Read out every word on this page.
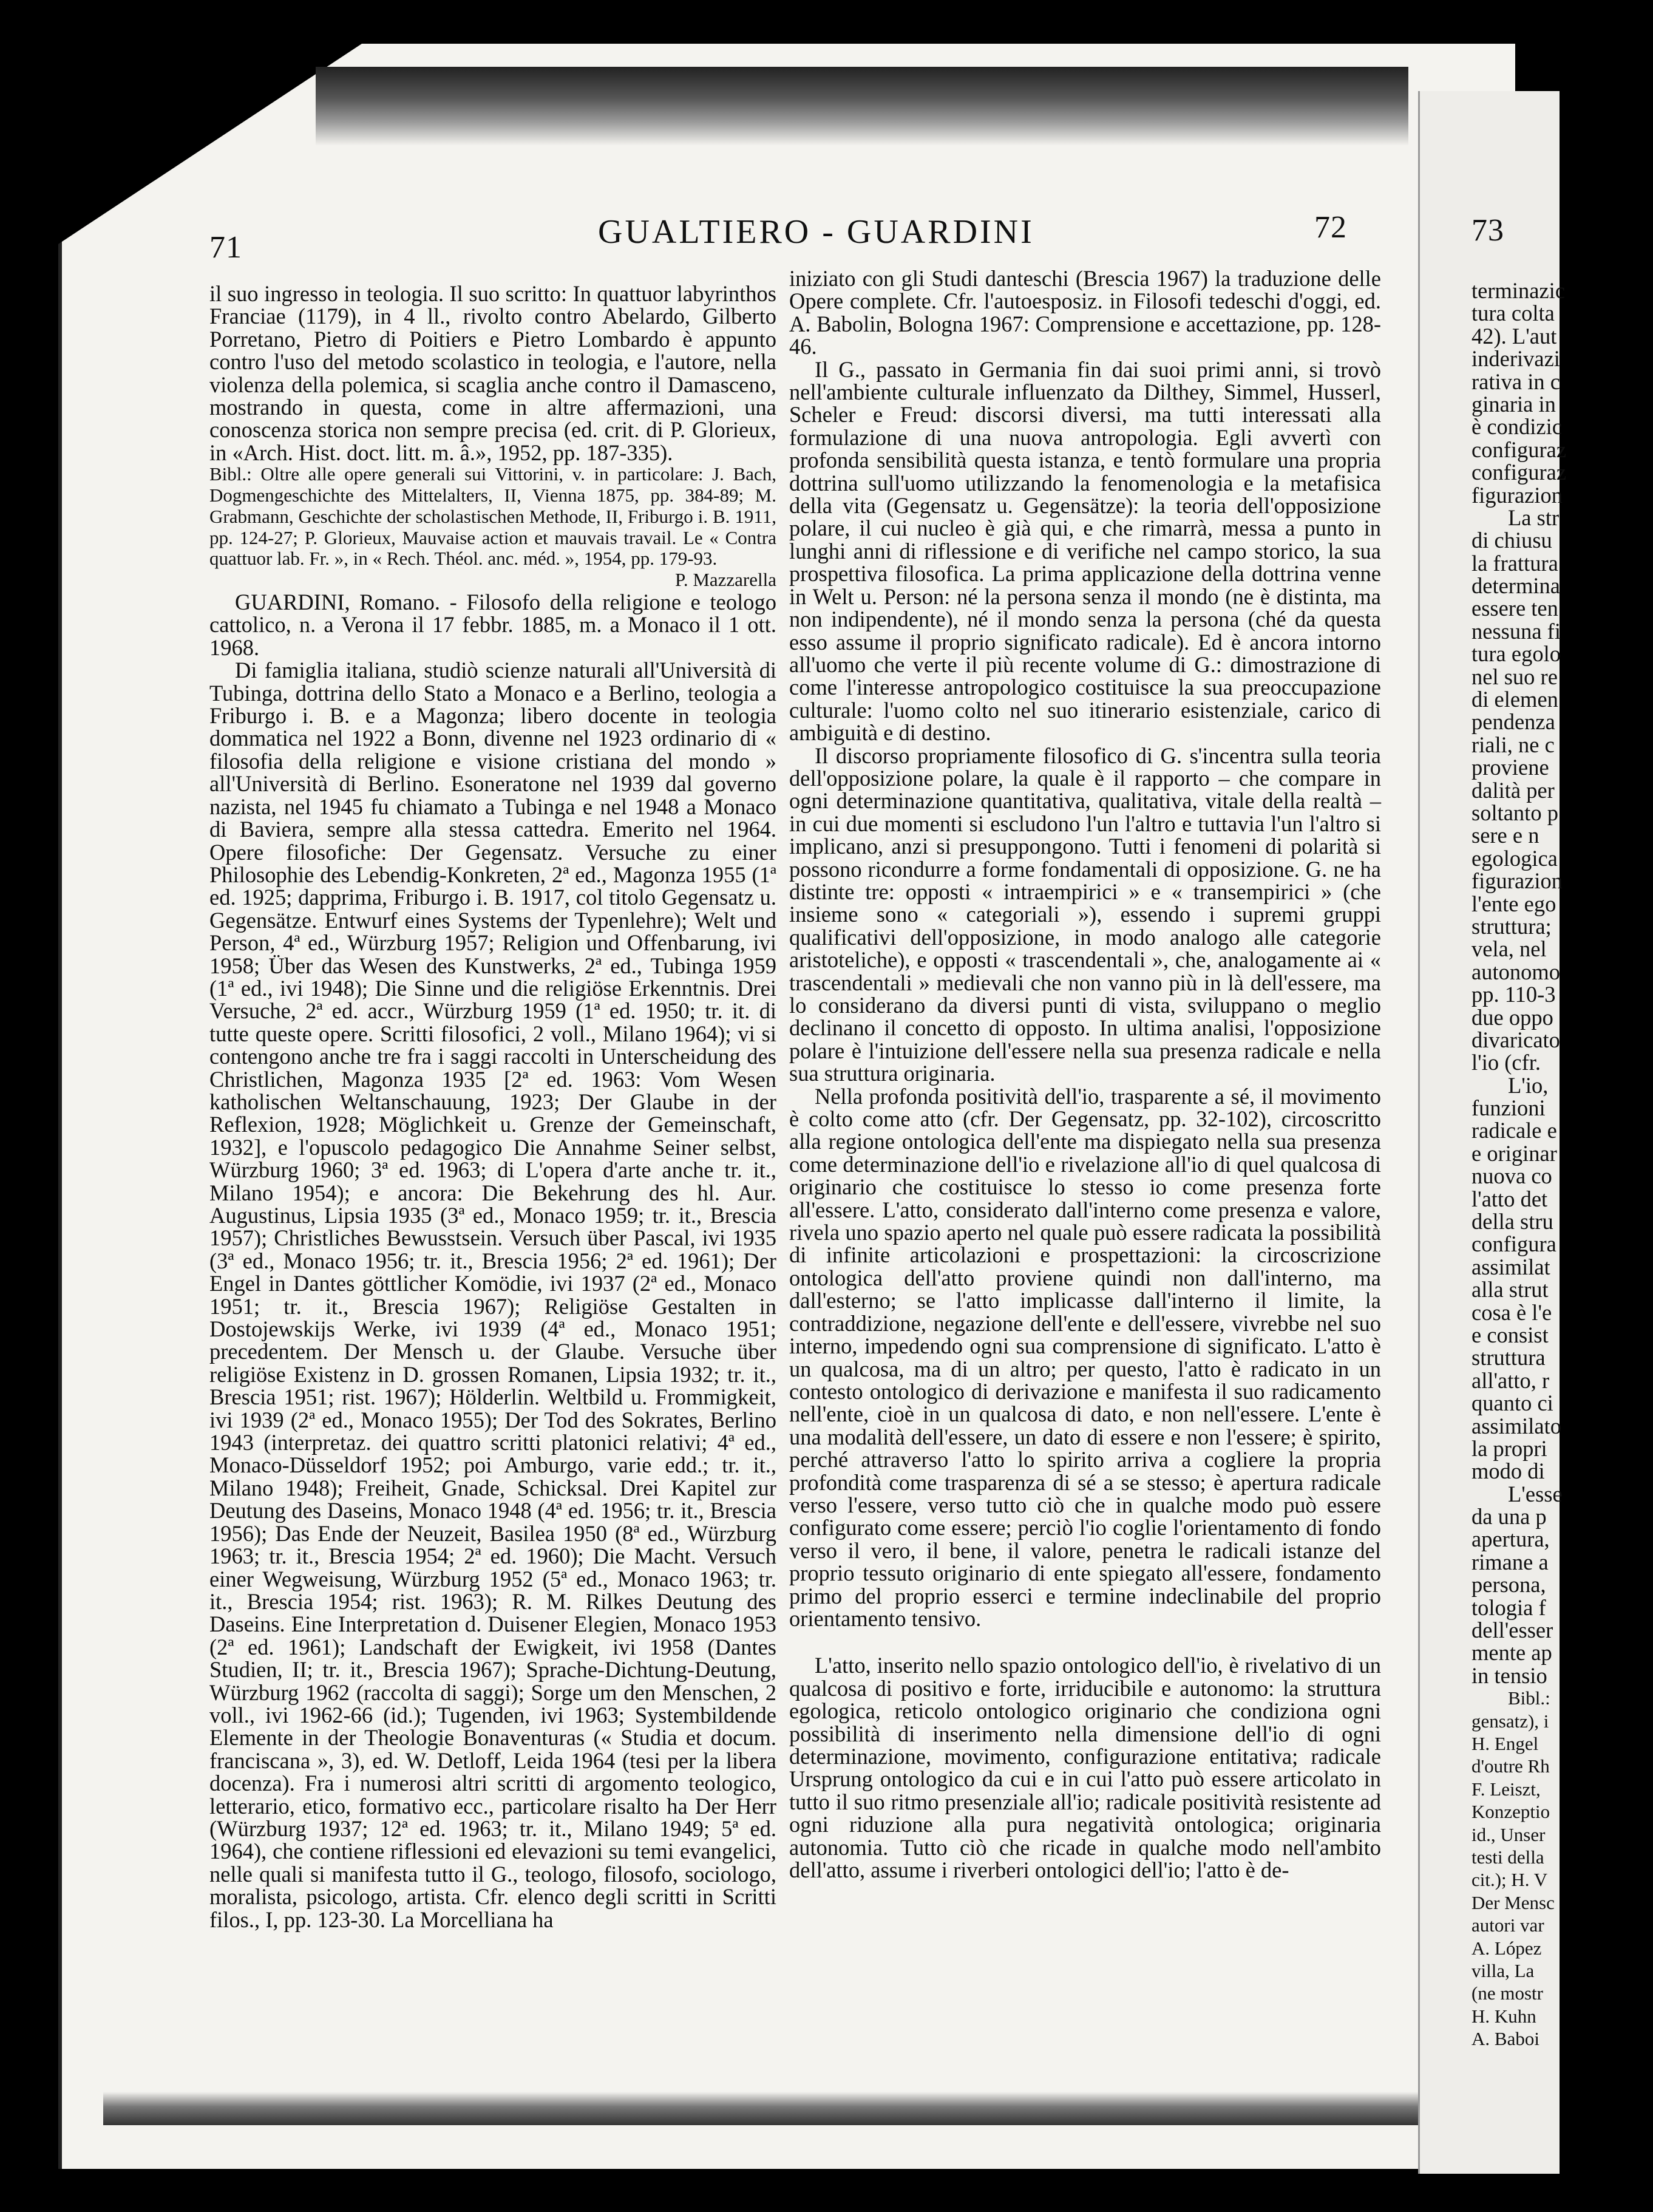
71	GUALTIERO - GUARDINI	72	73

il suo ingresso in teologia. Il suo scritto: In quattuor labyrinthos Franciae (1179), in 4 ll., rivolto contro Abelardo, Gilberto Porretano, Pietro di Poitiers e Pietro Lombardo è appunto contro l'uso del metodo scolastico in teologia, e l'autore, nella violenza della polemica, si scaglia anche contro il Damasceno, mostrando in questa, come in altre affermazioni, una conoscenza storica non sempre precisa (ed. crit. di P. Glorieux, in «Arch. Hist. doct. litt. m. â.», 1952, pp. 187-335).

Bibl.: Oltre alle opere generali sui Vittorini, v. in particolare: J. Bach, Dogmengeschichte des Mittelalters, II, Vienna 1875, pp. 384-89; M. Grabmann, Geschichte der scholastischen Methode, II, Friburgo i. B. 1911, pp. 124-27; P. Glorieux, Mauvaise action et mauvais travail. Le « Contra quattuor lab. Fr. », in « Rech. Théol. anc. méd. », 1954, pp. 179-93.

P. Mazzarella

GUARDINI, Romano. - Filosofo della religione e teologo cattolico, n. a Verona il 17 febbr. 1885, m. a Monaco il 1 ott. 1968.

Di famiglia italiana, studiò scienze naturali all'Università di Tubinga, dottrina dello Stato a Monaco e a Berlino, teologia a Friburgo i. B. e a Magonza; libero docente in teologia dommatica nel 1922 a Bonn, divenne nel 1923 ordinario di « filosofia della religione e visione cristiana del mondo » all'Università di Berlino. Esoneratone nel 1939 dal governo nazista, nel 1945 fu chiamato a Tubinga e nel 1948 a Monaco di Baviera, sempre alla stessa cattedra. Emerito nel 1964. Opere filosofiche: Der Gegensatz. Versuche zu einer Philosophie des Lebendig-Konkreten, 2ª ed., Magonza 1955 (1ª ed. 1925; dapprima, Friburgo i. B. 1917, col titolo Gegensatz u. Gegensätze. Entwurf eines Systems der Typenlehre); Welt und Person, 4ª ed., Würzburg 1957; Religion und Offenbarung, ivi 1958; Über das Wesen des Kunstwerks, 2ª ed., Tubinga 1959 (1ª ed., ivi 1948); Die Sinne und die religiöse Erkenntnis. Drei Versuche, 2ª ed. accr., Würzburg 1959 (1ª ed. 1950; tr. it. di tutte queste opere. Scritti filosofici, 2 voll., Milano 1964); vi si contengono anche tre fra i saggi raccolti in Unterscheidung des Christlichen, Magonza 1935 [2ª ed. 1963: Vom Wesen katholischen Weltanschauung, 1923; Der Glaube in der Reflexion, 1928; Möglichkeit u. Grenze der Gemeinschaft, 1932], e l'opuscolo pedagogico Die Annahme Seiner selbst, Würzburg 1960; 3ª ed. 1963; di L'opera d'arte anche tr. it., Milano 1954); e ancora: Die Bekehrung des hl. Aur. Augustinus, Lipsia 1935 (3ª ed., Monaco 1959; tr. it., Brescia 1957); Christliches Bewusstsein. Versuch über Pascal, ivi 1935 (3ª ed., Monaco 1956; tr. it., Brescia 1956; 2ª ed. 1961); Der Engel in Dantes göttlicher Komödie, ivi 1937 (2ª ed., Monaco 1951; tr. it., Brescia 1967); Religiöse Gestalten in Dostojewskijs Werke, ivi 1939 (4ª ed., Monaco 1951; precedentem. Der Mensch u. der Glaube. Versuche über religiöse Existenz in D. grossen Romanen, Lipsia 1932; tr. it., Brescia 1951; rist. 1967); Hölderlin. Weltbild u. Frommigkeit, ivi 1939 (2ª ed., Monaco 1955); Der Tod des Sokrates, Berlino 1943 (interpretaz. dei quattro scritti platonici relativi; 4ª ed., Monaco-Düsseldorf 1952; poi Amburgo, varie edd.; tr. it., Milano 1948); Freiheit, Gnade, Schicksal. Drei Kapitel zur Deutung des Daseins, Monaco 1948 (4ª ed. 1956; tr. it., Brescia 1956); Das Ende der Neuzeit, Basilea 1950 (8ª ed., Würzburg 1963; tr. it., Brescia 1954; 2ª ed. 1960); Die Macht. Versuch einer Wegweisung, Würzburg 1952 (5ª ed., Monaco 1963; tr. it., Brescia 1954; rist. 1963); R. M. Rilkes Deutung des Daseins. Eine Interpretation d. Duisener Elegien, Monaco 1953 (2ª ed. 1961); Landschaft der Ewigkeit, ivi 1958 (Dantes Studien, II; tr. it., Brescia 1967); Sprache-Dichtung-Deutung, Würzburg 1962 (raccolta di saggi); Sorge um den Menschen, 2 voll., ivi 1962-66 (id.); Tugenden, ivi 1963; Systembildende Elemente in der Theologie Bonaventuras (« Studia et docum. franciscana », 3), ed. W. Detloff, Leida 1964 (tesi per la libera docenza). Fra i numerosi altri scritti di argomento teologico, letterario, etico, formativo ecc., particolare risalto ha Der Herr (Würzburg 1937; 12ª ed. 1963; tr. it., Milano 1949; 5ª ed. 1964), che contiene riflessioni ed elevazioni su temi evangelici, nelle quali si manifesta tutto il G., teologo, filosofo, sociologo, moralista, psicologo, artista. Cfr. elenco degli scritti in Scritti filos., I, pp. 123-30. La Morcelliana ha

iniziato con gli Studi danteschi (Brescia 1967) la traduzione delle Opere complete. Cfr. l'autoesposiz. in Filosofi tedeschi d'oggi, ed. A. Babolin, Bologna 1967: Comprensione e accettazione, pp. 128-46.

Il G., passato in Germania fin dai suoi primi anni, si trovò nell'ambiente culturale influenzato da Dilthey, Simmel, Husserl, Scheler e Freud: discorsi diversi, ma tutti interessati alla formulazione di una nuova antropologia. Egli avvertì con profonda sensibilità questa istanza, e tentò formulare una propria dottrina sull'uomo utilizzando la fenomenologia e la metafisica della vita (Gegensatz u. Gegensätze): la teoria dell'opposizione polare, il cui nucleo è già qui, e che rimarrà, messa a punto in lunghi anni di riflessione e di verifiche nel campo storico, la sua prospettiva filosofica. La prima applicazione della dottrina venne in Welt u. Person: né la persona senza il mondo (ne è distinta, ma non indipendente), né il mondo senza la persona (ché da questa esso assume il proprio significato radicale). Ed è ancora intorno all'uomo che verte il più recente volume di G.: dimostrazione di come l'interesse antropologico costituisce la sua preoccupazione culturale: l'uomo colto nel suo itinerario esistenziale, carico di ambiguità e di destino.

Il discorso propriamente filosofico di G. s'incentra sulla teoria dell'opposizione polare, la quale è il rapporto – che compare in ogni determinazione quantitativa, qualitativa, vitale della realtà – in cui due momenti si escludono l'un l'altro e tuttavia l'un l'altro si implicano, anzi si presuppongono. Tutti i fenomeni di polarità si possono ricondurre a forme fondamentali di opposizione. G. ne ha distinte tre: opposti « intraempirici » e « transempirici » (che insieme sono « categoriali »), essendo i supremi gruppi qualificativi dell'opposizione, in modo analogo alle categorie aristoteliche), e opposti « trascendentali », che, analogamente ai « trascendentali » medievali che non vanno più in là dell'essere, ma lo considerano da diversi punti di vista, sviluppano o meglio declinano il concetto di opposto. In ultima analisi, l'opposizione polare è l'intuizione dell'essere nella sua presenza radicale e nella sua struttura originaria.

Nella profonda positività dell'io, trasparente a sé, il movimento è colto come atto (cfr. Der Gegensatz, pp. 32-102), circoscritto alla regione ontologica dell'ente ma dispiegato nella sua presenza come determinazione dell'io e rivelazione all'io di quel qualcosa di originario che costituisce lo stesso io come presenza forte all'essere. L'atto, considerato dall'interno come presenza e valore, rivela uno spazio aperto nel quale può essere radicata la possibilità di infinite articolazioni e prospettazioni: la circoscrizione ontologica dell'atto proviene quindi non dall'interno, ma dall'esterno; se l'atto implicasse dall'interno il limite, la contraddizione, negazione dell'ente e dell'essere, vivrebbe nel suo interno, impedendo ogni sua comprensione di significato. L'atto è un qualcosa, ma di un altro; per questo, l'atto è radicato in un contesto ontologico di derivazione e manifesta il suo radicamento nell'ente, cioè in un qualcosa di dato, e non nell'essere. L'ente è una modalità dell'essere, un dato di essere e non l'essere; è spirito, perché attraverso l'atto lo spirito arriva a cogliere la propria profondità come trasparenza di sé a se stesso; è apertura radicale verso l'essere, verso tutto ciò che in qualche modo può essere configurato come essere; perciò l'io coglie l'orientamento di fondo verso il vero, il bene, il valore, penetra le radicali istanze del proprio tessuto originario di ente spiegato all'essere, fondamento primo del proprio esserci e termine indeclinabile del proprio orientamento tensivo.

L'atto, inserito nello spazio ontologico dell'io, è rivelativo di un qualcosa di positivo e forte, irriducibile e autonomo: la struttura egologica, reticolo ontologico originario che condiziona ogni possibilità di inserimento nella dimensione dell'io di ogni determinazione, movimento, configurazione entitativa; radicale Ursprung ontologico da cui e in cui l'atto può essere articolato in tutto il suo ritmo presenziale all'io; radicale positività resistente ad ogni riduzione alla pura negatività ontologica; originaria autonomia. Tutto ciò che ricade in qualche modo nell'ambito dell'atto, assume i riverberi ontologici dell'io; l'atto è de-

terminazic
tura colta
42). L'aut
inderivazi
rativa in c
ginaria in
è condizic
configuraz
configuraz
figurazion
La str
di chiusu
la frattura
determina
essere ten
nessuna fi
tura egolo
nel suo re
di elemen
pendenza
riali, ne c
proviene
dalità per
soltanto p
sere e n
egologica
figurazion
l'ente ego
struttura;
vela, nel
autonomo
pp. 110-3
due oppo
divaricato
l'io (cfr.
L'io,
funzioni
radicale e
e originar
nuova co
l'atto det
della stru
configura
assimilat
alla strut
cosa è l'e
e consist
struttura
all'atto, r
quanto ci
assimilato
la propri
modo di
L'esse
da una p
apertura,
rimane a
persona,
tologia f
dell'esser
mente ap
in tensio
Bibl.:
gensatz), i
H. Engel
d'outre Rh
F. Leiszt,
Konzeptio
id., Unser
testi della
cit.); H. V
Der Mensc
autori var
A. López
villa, La
(ne mostr
H. Kuhn
A. Baboi
